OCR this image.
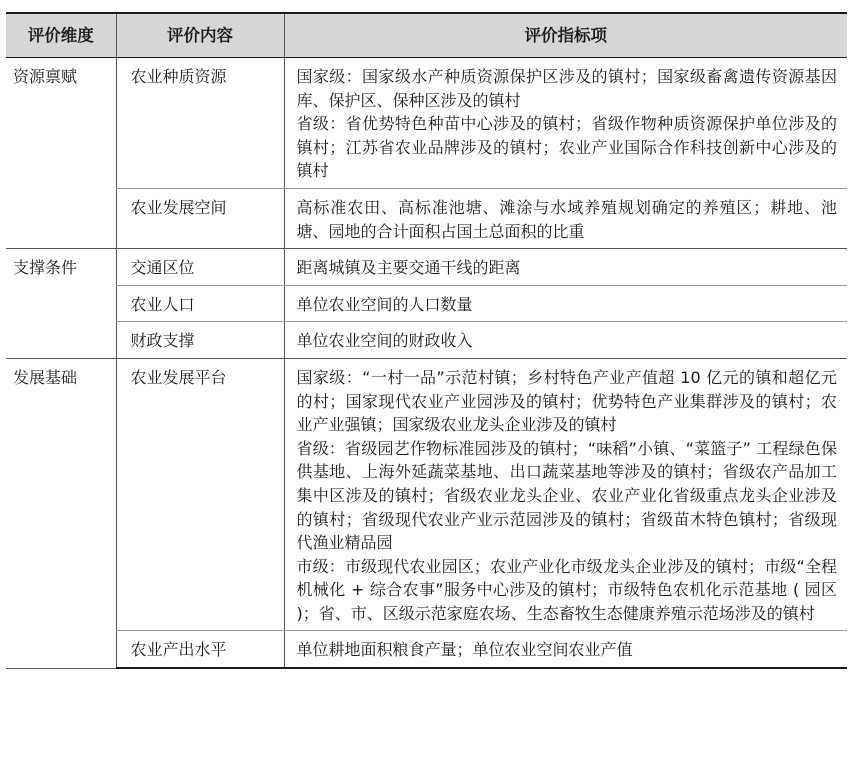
评价维度	评价内容	评价指标项
资源禀赋	农业种质资源	国家级：国家级水产种质资源保护区涉及的镇村；国家级畜禽遗传资源基因库、保护区、保种区涉及的镇村
省级：省优势特色种苗中心涉及的镇村；省级作物种质资源保护单位涉及的镇村；江苏省农业品牌涉及的镇村；农业产业国际合作科技创新中心涉及的镇村
	农业发展空间	高标准农田、高标准池塘、滩涂与水域养殖规划确定的养殖区；耕地、池塘、园地的合计面积占国土总面积的比重
支撑条件	交通区位	距离城镇及主要交通干线的距离
	农业人口	单位农业空间的人口数量
	财政支撑	单位农业空间的财政收入
发展基础	农业发展平台	国家级：“一村一品”示范村镇；乡村特色产业产值超 10 亿元的镇和超亿元的村；国家现代农业产业园涉及的镇村；优势特色产业集群涉及的镇村；农业产业强镇；国家级农业龙头企业涉及的镇村
省级：省级园艺作物标准园涉及的镇村；“味稻”小镇、“菜篮子” 工程绿色保供基地、上海外延蔬菜基地、出口蔬菜基地等涉及的镇村；省级农产品加工集中区涉及的镇村；省级农业龙头企业、农业产业化省级重点龙头企业涉及的镇村；省级现代农业产业示范园涉及的镇村；省级苗木特色镇村；省级现代渔业精品园
市级：市级现代农业园区；农业产业化市级龙头企业涉及的镇村；市级“全程机械化 + 综合农事”服务中心涉及的镇村；市级特色农机化示范基地 ( 园区 )；省、市、区级示范家庭农场、生态畜牧生态健康养殖示范场涉及的镇村
	农业产出水平	单位耕地面积粮食产量；单位农业空间农业产值
